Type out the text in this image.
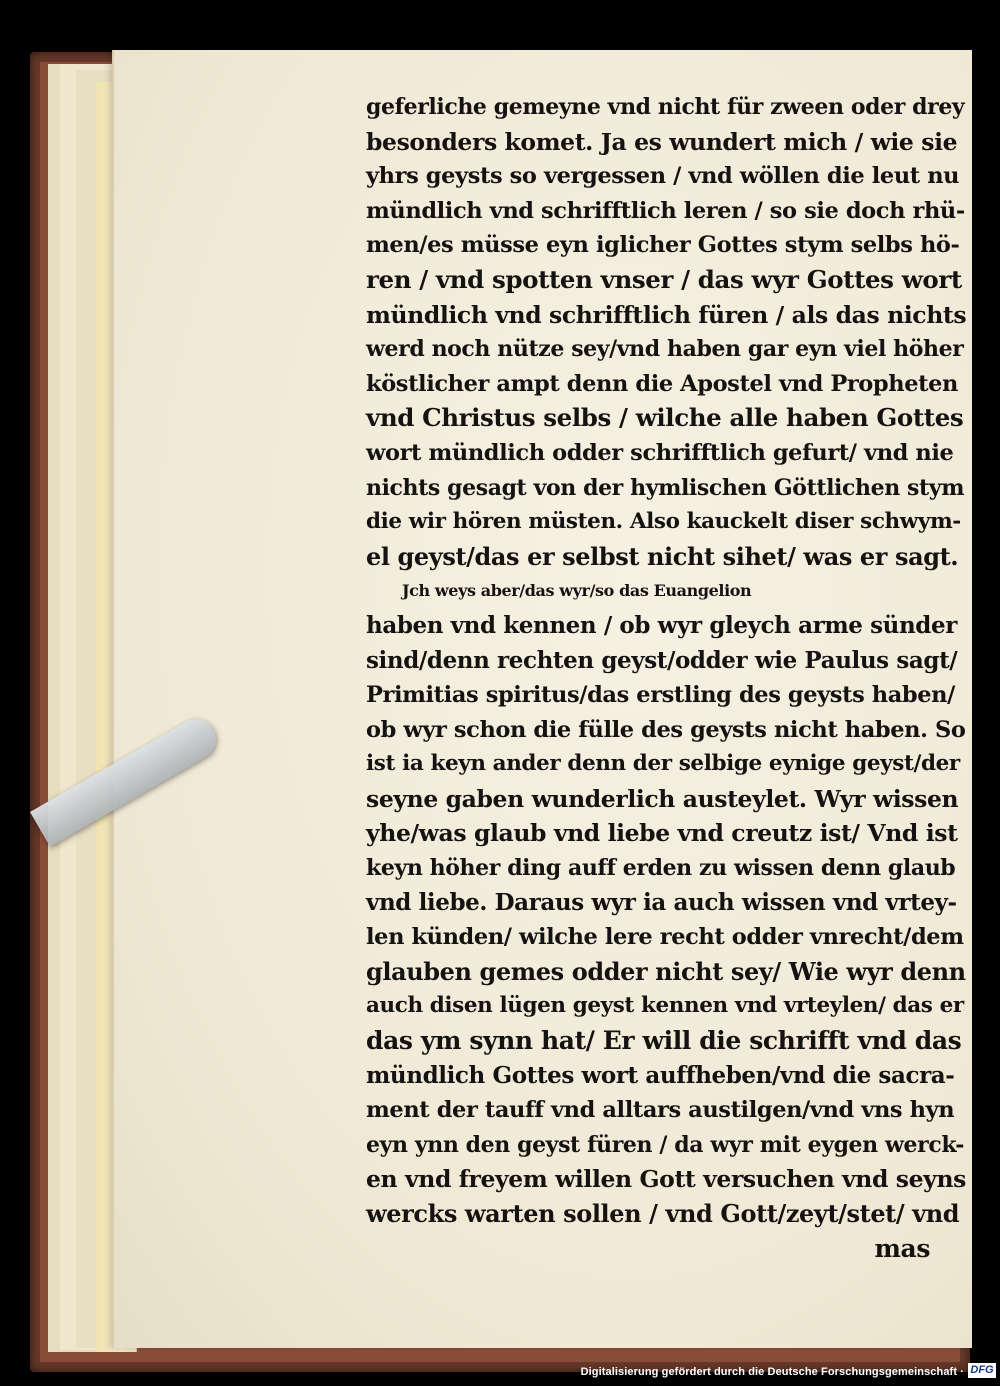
geferliche gemeyne vnd nicht für zween oder drey
besonders komet. Ja es wundert mich / wie sie
yhrs geysts so vergessen / vnd wöllen die leut nu
mündlich vnd schrifftlich leren / so sie doch rhü-
men/es müsse eyn iglicher Gottes stym selbs hö-
ren / vnd spotten vnser / das wyr Gottes wort
mündlich vnd schrifftlich füren / als das nichts
werd noch nütze sey/vnd haben gar eyn viel höher
köstlicher ampt denn die Apostel vnd Propheten
vnd Christus selbs / wilche alle haben Gottes
wort mündlich odder schrifftlich gefurt/ vnd nie
nichts gesagt von der hymlischen Göttlichen stym
die wir hören müsten. Also kauckelt diser schwym-
el geyst/das er selbst nicht sihet/ was er sagt.
Jch weys aber/das wyr/so das Euangelion
haben vnd kennen / ob wyr gleych arme sünder
sind/denn rechten geyst/odder wie Paulus sagt/
Primitias spiritus/das erstling des geysts haben/
ob wyr schon die fülle des geysts nicht haben. So
ist ia keyn ander denn der selbige eynige geyst/der
seyne gaben wunderlich austeylet. Wyr wissen
yhe/was glaub vnd liebe vnd creutz ist/ Vnd ist
keyn höher ding auff erden zu wissen denn glaub
vnd liebe. Daraus wyr ia auch wissen vnd vrtey-
len künden/ wilche lere recht odder vnrecht/dem
glauben gemes odder nicht sey/ Wie wyr denn
auch disen lügen geyst kennen vnd vrteylen/ das er
das ym synn hat/ Er will die schrifft vnd das
mündlich Gottes wort auffheben/vnd die sacra-
ment der tauff vnd alltars austilgen/vnd vns hyn
eyn ynn den geyst füren / da wyr mit eygen werck-
en vnd freyem willen Gott versuchen vnd seyns
wercks warten sollen / vnd Gott/zeyt/stet/ vnd
mas
Digitalisierung gefördert durch die Deutsche Forschungsgemeinschaft · DFG
